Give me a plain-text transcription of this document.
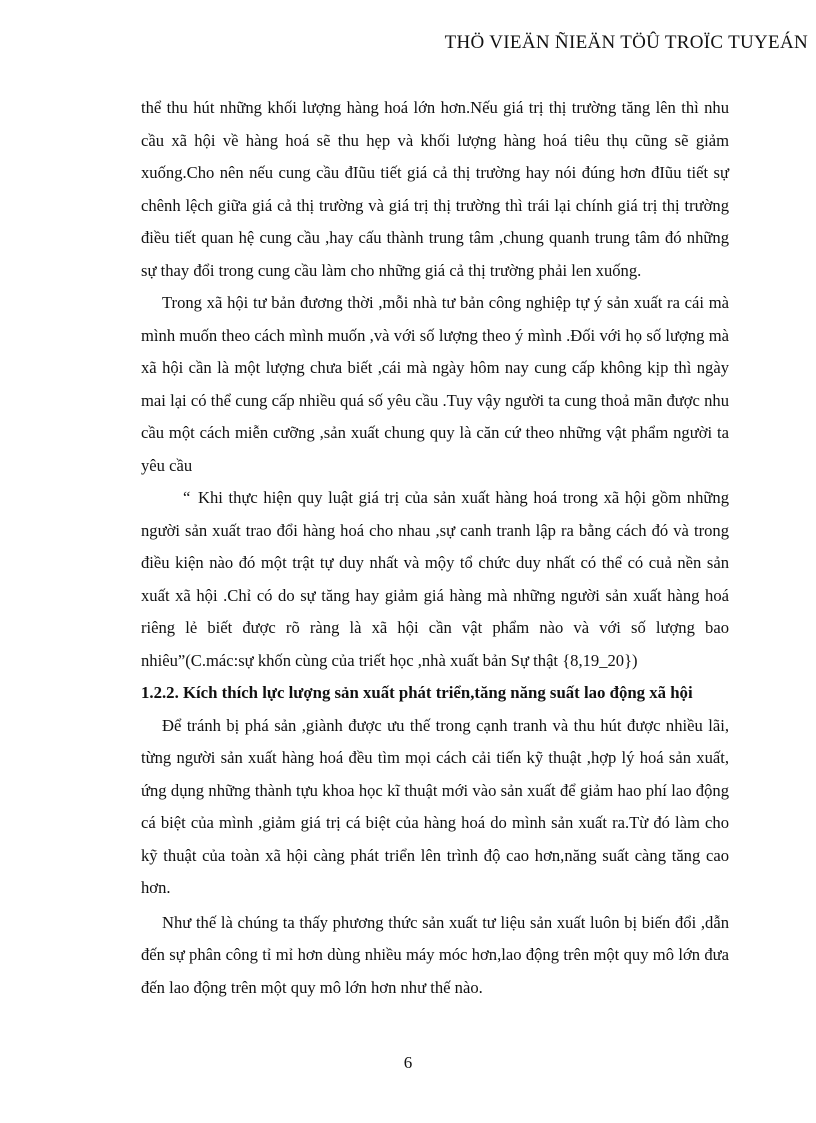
THÖ VIEÄN ÑIEÄN TÖÛ TROÏC TUYEÁN

thể thu hút những khối lượng hàng hoá lớn hơn.Nếu giá trị thị trường tăng lên thì nhu cầu xã hội về hàng hoá sẽ thu hẹp và khối lượng hàng hoá tiêu thụ cũng sẽ giảm xuống.Cho nên nếu cung cầu đIũu tiết giá cả thị trường hay nói đúng hơn đIũu tiết sự chênh lệch giữa giá cả thị trường và giá trị thị trường thì trái lại chính giá trị thị trường điều tiết quan hệ cung cầu ,hay cấu thành trung tâm ,chung quanh trung tâm đó những sự thay đổi trong cung cầu làm cho những giá cả thị trường phải len xuống.

Trong xã hội tư bản đương thời ,mỗi nhà tư bản công nghiệp tự ý sản xuất ra cái mà mình muốn theo cách mình muốn ,và với số lượng theo ý mình .Đối với họ số lượng mà xã hội cần là một lượng chưa biết ,cái mà ngày hôm nay cung cấp không kịp thì ngày mai lại có thể cung cấp nhiều quá số yêu cầu .Tuy vậy người ta cung thoả mãn được nhu cầu một cách miễn cưỡng ,sản xuất chung quy là căn cứ theo những vật phẩm người ta yêu cầu

“ Khi thực hiện quy luật giá trị của sản xuất hàng hoá trong xã hội gồm những người sản xuất trao đổi hàng hoá cho nhau ,sự canh tranh lập ra bằng cách đó và trong điều kiện nào đó một trật tự duy nhất và mộy tổ chức duy nhất có thể có cuả nền sản xuất xã hội .Chỉ có do sự tăng hay giảm giá hàng mà những người sản xuất hàng hoá riêng lẻ biết được rõ ràng là xã hội cần vật phẩm nào và với số lượng bao nhiêu”(C.mác:sự khốn cùng của triết học ,nhà xuất bản Sự thật {8,19_20})

1.2.2. Kích thích lực lượng sản xuất phát triển,tăng năng suất lao động xã hội

Để tránh bị phá sản ,giành được ưu thế trong cạnh tranh và thu hút được nhiều lãi, từng người sản xuất hàng hoá đều tìm mọi cách cải tiến kỹ thuật ,hợp lý hoá sản xuất, ứng dụng những thành tựu khoa học kĩ thuật mới vào sản xuất để giảm hao phí lao động cá biệt của mình ,giảm giá trị cá biệt của hàng hoá do mình sản xuất ra.Từ đó làm cho kỹ thuật của toàn xã hội càng phát triển lên trình độ cao hơn,năng suất càng tăng cao hơn.

Như thế là chúng ta thấy phương thức sản xuất tư liệu sản xuất luôn bị biến đổi ,dẫn đến sự phân công tỉ mỉ hơn dùng nhiều máy móc hơn,lao động trên một quy mô lớn đưa đến lao động trên một quy mô lớn hơn như thế nào.

6
